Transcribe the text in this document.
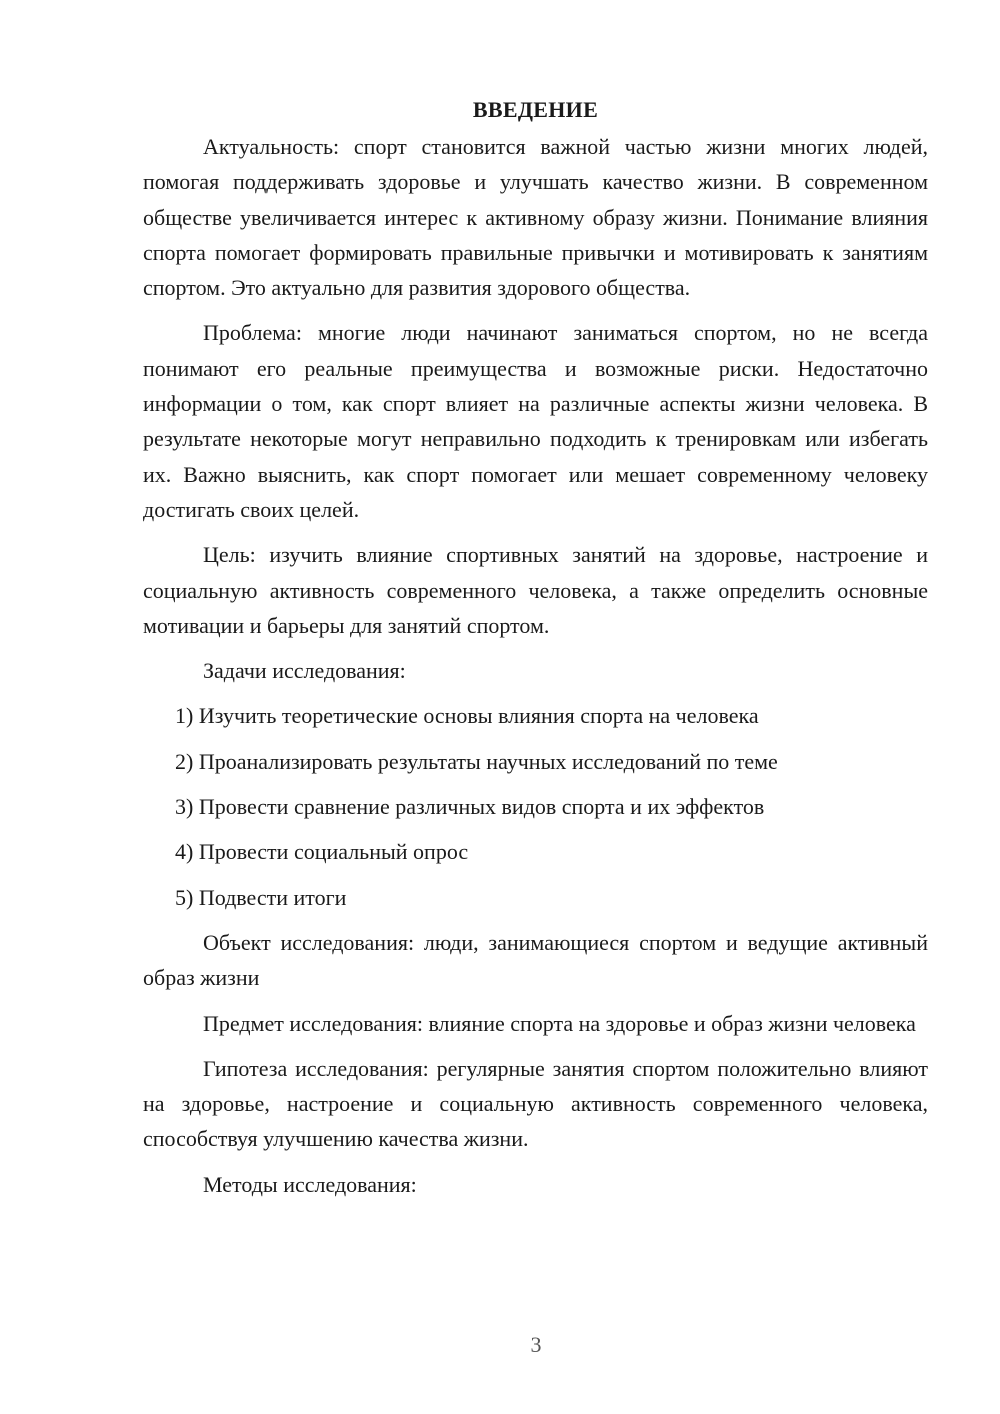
ВВЕДЕНИЕ

Актуальность: спорт становится важной частью жизни многих людей, помогая поддерживать здоровье и улучшать качество жизни. В современном обществе увеличивается интерес к активному образу жизни. Понимание влияния спорта помогает формировать правильные привычки и мотивировать к занятиям спортом. Это актуально для развития здорового общества.

Проблема: многие люди начинают заниматься спортом, но не всегда понимают его реальные преимущества и возможные риски. Недостаточно информации о том, как спорт влияет на различные аспекты жизни человека. В результате некоторые могут неправильно подходить к тренировкам или избегать их. Важно выяснить, как спорт помогает или мешает современному человеку достигать своих целей.

Цель: изучить влияние спортивных занятий на здоровье, настроение и социальную активность современного человека, а также определить основные мотивации и барьеры для занятий спортом.

Задачи исследования:

1) Изучить теоретические основы влияния спорта на человека
2) Проанализировать результаты научных исследований по теме
3) Провести сравнение различных видов спорта и их эффектов
4) Провести социальный опрос
5) Подвести итоги

Объект исследования: люди, занимающиеся спортом и ведущие активный образ жизни

Предмет исследования: влияние спорта на здоровье и образ жизни человека

Гипотеза исследования: регулярные занятия спортом положительно влияют на здоровье, настроение и социальную активность современного человека, способствуя улучшению качества жизни.

Методы исследования:

3
